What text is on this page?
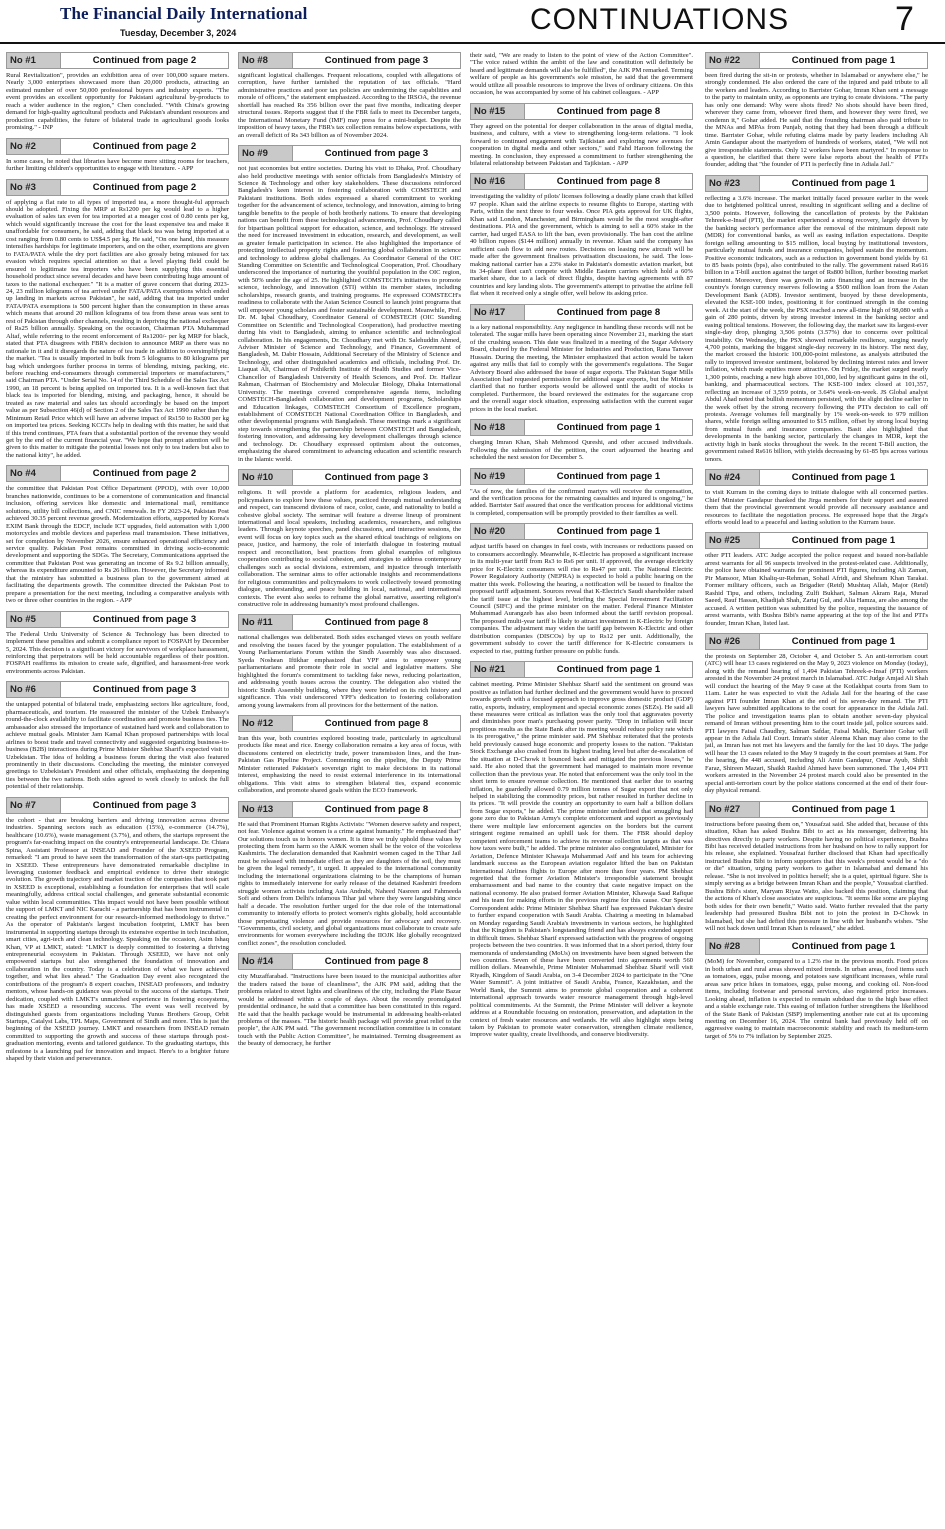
The Financial Daily International
Tuesday, December 3, 2024	CONTINUATIONS	7
No #1	Continued from page 2
Rural Revitalization", provides an exhibition area of over 100,000 square meters. Nearly 3,000 enterprises showcased more than 20,000 products, attracting an estimated number of over 50,000 professional buyers and industry experts. "The event provides an excellent opportunity for Pakistani agricultural by-products to reach a wider audience in the region," Chen concluded. "With China's growing demand for high-quality agricultural products and Pakistan's abundant resources and production capabilities, the future of bilateral trade in agricultural goods looks promising." - INP
No #2	Continued from page 2
In some cases, he noted that libraries have become mere sitting rooms for teachers, further limiting children's opportunities to engage with literature. - APP
No #3	Continued from page 2
of applying a flat rate to all types of imported tea, a more thought-ful approach should be adopted. Fixing the MRP at Rs1200 per kg would lead to a higher evaluation of sales tax even for tea imported at a meager cost of 0.80 cents per kg, which would significantly increase the cost for the least expensive tea and make it unaffordable for consumers, he said, adding that black tea was being imported at a cost ranging from 0.80 cents to US$4.5 per kg. He said, "On one hand, this measure intensifies hardships for legitimate importers, and on the other, exemptions are given to FATA/PATA while the dry port facilities are also grossly being misused for tax evasion which requires special attention so that a level playing field could be ensured to legitimate tea importers who have been supplying this essential household product since several decades and have been contributing huge amount of taxes to the national exchequer." "It is a matter of grave concern that during 2023-24, 23 million kilograms of tea arrived under FATA/PATA exemptions which ended up landing in markets across Pakistan", he said, adding that tea imported under FATA/PATA exemptions is 500 percent higher than the consumption in these areas which means that around 20 million kilograms of tea from these areas was sent to rest of Pakistan through other channels, resulting in depriving the national exchequer of Rs25 billion annually. Speaking on the occasion, Chairman PTA Muhammad Altaf, while referring to the recent enforcement of Rs1200/- per kg MRP for black, stated that PTA disagrees with FBR's decision to announce MRP as there was no rationale in it and it disregards the nature of tea trade in addition to oversimplifying the market. "Tea is usually imported in bulk from 5 kilograms to 80 kilograms per bag which undergoes further process in terms of blending, mixing, packing, etc. before reaching end-consumers through commercial importers or manufacturers," said Chairman PTA. "Under Serial No. 14 of the Third Schedule of the Sales Tax Act 1990, an 18 percent is being applied on imported tea. It is a well-known fact that black tea is imported for blending, mixing, and packaging, hence, it should be treated as raw material and sales tax should accordingly be based on the import value as per Subsection 46(d) of Section 2 of the Sales Tax Act 1990 rather than the Minimum Retail Price which will have an adverse impact of Rs150 to Rs300 per kg on imported tea prices. Seeking KCCI's help in dealing with this matter, he said that if this trend continues, PTA fears that a substantial portion of the revenue they would get by the end of the current financial year. "We hope that prompt attention will be given to this matter to mitigate the potential losses not only to tea traders but also to the national kitty", he added.
No #4	Continued from page 2
the committee that Pakistan Post Office Department (PPOD), with over 10,000 branches nationwide, continues to be a cornerstone of communication and financial inclusion, offering services like domestic and international mail, remittance solutions, utility bill collections, and CNIC renewals. In FY 2023-24, Pakistan Post achieved 30.35 percent revenue growth. Modernization efforts, supported by Korea's EXIM Bank through the EDCF, include ICT upgrades, field automation with 1,000 motorcycles and mobile devices and paperless mail transmission. These initiatives, set for completion by November 2026, ensure enhanced operational efficiency and service quality. Pakistan Post remains committed in driving socio-economic development and supporting the SDGs. The Secretary, Communications apprised the committee that Pakistan Post was generating an income of Rs 9.2 billion annually, whereas its expenditure amounted to Rs 26 billion. However, the Secretary informed that the ministry has submitted a business plan to the government aimed at facilitating the departments growth. The committee directed the Pakistan Post to prepare a presentation for the next meeting, including a comparative analysis with two or three other countries in the region. - APP
No #5	Continued from page 3
The Federal Urdu University of Science & Technology has been directed to implement these penalties and submit a compliance report to FOSPAH by December 5, 2024. This decision is a significant victory for survivors of workplace harassment, reinforcing that perpetrators will be held accountable regardless of their position. FOSPAH reaffirms its mission to create safe, dignified, and harassment-free work environments across Pakistan.
No #6	Continued from page 3
the untapped potential of bilateral trade, emphasizing sectors like agriculture, food, pharmaceuticals, and tourism. He reassured the minister of the Uzbek Embassy's round-the-clock availability to facilitate coordination and promote business ties. The ambassador also stressed the importance of sustained hard work and collaboration to achieve mutual goals. Minister Jam Kamal Khan proposed partnerships with local airlines to boost trade and travel connectivity and suggested organizing business-to-business (B2B) interactions during Prime Minister Shehbaz Sharif's expected visit to Uzbekistan. The idea of holding a business forum during the visit also featured prominently in their discussions. Concluding the meeting, the minister conveyed greetings to Uzbekistan's President and other officials, emphasizing the deepening ties between the two nations. Both sides agreed to work closely to unlock the full potential of their relationship.
No #7	Continued from page 3
the cohort - that are breaking barriers and driving innovation across diverse industries. Spanning sectors such as education (15%), e-commerce (14.7%), healthcare (10.6%), waste management (3.7%), and others, the startups represent the program's far-reaching impact on the country's entrepreneurial landscape. Dr. Chiara Spina, Assistant Professor at INSEAD and Founder of the XSEED Program, remarked: "I am proud to have seen the transformation of the start-ups participating in XSEED. These entrepreneurs have demonstrated remarkable discipline in leveraging customer feedback and empirical evidence to drive their strategic evolution. The growth trajectory and market traction of the companies that took part in XSEED is exceptional, establishing a foundation for enterprises that will scale meaningfully, address critical social challenges, and generate substantial economic value within local communities. This impact would not have been possible without the support of LMKT and NIC Karachi - a partnership that has been instrumental in creating the perfect environment for our research-informed methodology to thrive." As the operator of Pakistan's largest incubation footprint, LMKT has been instrumental in supporting startups through its extensive expertise in tech incubation, smart cities, agri-tech and clean technology. Speaking on the occasion, Asim Ishaq Khan, VP at LMKT, stated: "LMKT is deeply committed to fostering a thriving entrepreneurial ecosystem in Pakistan. Through XSEED, we have not only empowered startups but also strengthened the foundation of innovation and collaboration in the country. Today is a celebration of what we have achieved together, and what lies ahead." The Graduation Day event also recognized the contributions of the program's 8 expert coaches, INSEAD professors, and industry mentors, whose hands-on guidance was pivotal to the success of the startups. Their dedication, coupled with LMKT's unmatched experience in fostering ecosystems, has made XSEED a resounding success. The event was well received by distinguished guests from organizations including Yunus Brothers Group, Orbit Startups, Catalyst Labs, TPL Maps, Government of Sindh and more. This is just the beginning of the XSEED journey. LMKT and researchers from INSEAD remain committed to supporting the growth and success of these startups through post-graduation mentoring, events and tailored guidance. To the graduating startups, this milestone is a launching pad for innovation and impact. Here's to a brighter future shaped by their vision and perseverance.
No #8	Continued from page 3
significant logistical challenges. Frequent relocations, coupled with allegations of corruption, have further tarnished the reputation of tax officials. "Hard administrative practices and poor tax policies are undermining the capabilities and morale of officers," the statement emphasized. According to the IRSOA, the revenue shortfall has reached Rs 356 billion over the past five months, indicating deeper structural issues. Reports suggest that if the FBR fails to meet its December targets, the International Monetary Fund (IMF) may press for a mini-budget. Despite the imposition of heavy taxes, the FBR's tax collection remains below expectations, with an overall deficit of Rs 343 billion as of November 2024.
No #9	Continued from page 3
not just economies but entire societies. During his visit to Dhaka, Prof. Choudhary also held productive meetings with senior officials from Bangladesh's Ministry of Science & Technology and other key stakeholders. These discussions reinforced Bangladesh's keen interest in fostering collaboration with COMSTECH and Pakistani institutions. Both sides expressed a shared commitment to working together for the advancement of science, technology, and innovation, aiming to bring tangible benefits to the people of both brotherly nations. To ensure that developing nations can benefit from these technological advancements, Prof. Choudhary called for bipartisan political support for education, science, and technology. He stressed the need for increased investment in education, research, and development, as well as greater female participation in science. He also highlighted the importance of protecting intellectual property rights and fostering global collaboration in science and technology to address global challenges. As Coordinator General of the OIC Standing Committee on Scientific and Technological Cooperation, Prof. Choudhary underscored the importance of nurturing the youthful population in the OIC region, with 50% under the age of 25. He highlighted COMSTECH's initiatives to promote science, technology, and innovation (STI) within its member states, including scholarships, research grants, and training programs. He expressed COMSTECH's readiness to collaborate with the Asian Science Council to launch joint programs that will empower young scholars and foster sustainable development. Meanwhile, Prof. Dr. M. Iqbal Choudhary, Coordinator General of COMSTECH (OIC Standing Committee on Scientific and Technological Cooperation), had productive meeting during his visit to Bangladesh, aiming to enhance scientific and technological collaboration. In his engagements, Dr. Choudhary met with Dr. Salehuddin Ahmed, Adviser Minister of Science and Technology, and Finance, Government of Bangladesh, M. Dabir Hossain, Additional Secretary of the Ministry of Science and Technology, and other distinguished academics and officials, including Prof. Dr. Liaquat Ali, Chairman of Pothikrith Institute of Health Studies and former Vice-Chancellor of Bangladesh University of Health Sciences, and Prof. Dr. Haflzur Rahman, Chairman of Biochemistry and Molecular Biology, Dhaka International University. The meetings covered comprehensive agenda items, including COMSTECH-Bangladesh collaboration and development programs, Scholarships and Education linkages, COMSTECH Consortium of Excellence program, establishment of COMSTECH National Coordination Office in Bangladesh, and other developmental programs with Bangladesh. These meetings mark a significant step towards strengthening the partnership between COMSTECH and Bangladesh, fostering innovation, and addressing key development challenges through science and technology. Dr. Choudhary expressed optimism about the outcomes, emphasizing the shared commitment to advancing education and scientific research in the Islamic world.
No #10	Continued from page 3
religions. It will provide a platform for academics, religious leaders, and policymakers to explore how these values, practiced through mutual understanding and respect, can transcend divisions of race, color, caste, and nationality to build a cohesive global society. The seminar will feature a diverse lineup of prominent international and local speakers, including academics, researchers, and religious leaders. Through keynote speeches, panel discussions, and interactive sessions, the event will focus on key topics such as the shared ethical teachings of religions on peace, justice, and harmony, the role of interfaith dialogue in fostering mutual respect and reconciliation, best practices from global examples of religious cooperation contributing to social cohesion, and strategies to address contemporary challenges such as social divisions, extremism, and injustice through interfaith collaboration. The seminar aims to offer actionable insights and recommendations for religious communities and policymakers to work collectively toward promoting dialogue, understanding, and peace building in local, national, and international contexts. The event also seeks to reframe the global narrative, asserting religion's constructive role in addressing humanity's most profound challenges.
No #11	Continued from page 8
national challenges was deliberated. Both sides exchanged views on youth welfare and resolving the issues faced by the younger population. The establishment of a Young Parliamentarians Forum within the Sindh Assembly was also discussed. Syeda Noshean Iftikhar emphasized that YPF aims to empower young parliamentarians and promote their role in social and legislative matters. She highlighted the forum's commitment to tackling fake news, reducing polarization, and addressing youth issues across the country. The delegation also visited the historic Sindh Assembly building, where they were briefed on its rich history and significance. This visit underscored YPF's dedication to fostering collaboration among young lawmakers from all provinces for the betterment of the nation.
No #12	Continued from page 8
Iran this year, both countries explored boosting trade, particularly in agricultural products like meat and rice. Energy collaboration remains a key area of focus, with discussions centered on electricity trade, power transmission lines, and the Iran-Pakistan Gas Pipeline Project. Commenting on the pipeline, the Deputy Prime Minister reiterated Pakistan's sovereign right to make decisions in its national interest, emphasizing the need to resist external interference in its international obligations. This visit aims to strengthen bilateral ties, expand economic collaboration, and promote shared goals within the ECO framework.
No #13	Continued from page 8
He said that Prominent Human Rights Activists: "Women deserve safety and respect, not fear. Violence against women is a crime against humanity." He emphasized that" Our solutions touch us to honors women. It is time we truly uphold these values by protecting them from harm so the AJ&K women shall be the voice of the voiceless Kashmiris. The declaration demanded that Kashmiri women caged in the Tihar Jail must be released with immediate effect as they are daughters of the soil, they must be given the legal remedy", it urged. It appealed to the international community including the international organizations claiming to be the champions of human rights to immediately intervene for early release of the detained Kashmiri freedom struggle women activists including Asia Andrabi, Naheed Nasreen and Fahmeeda Sofi and others from Delhi's infamous Tihar jail where they were languishing since half a decade. The resolution further urged for the due role of the international community to intensify efforts to protect women's rights globally, hold accountable those perpetuating violence and provide resources for advocacy and recovery. "Governments, civil society, and global organizations must collaborate to create safe environments for women everywhere including the IIOJK like globally recognized conflict zones", the resolution concluded.
No #14	Continued from page 8
city Muzaffarabad. "Instructions have been issued to the municipal authorities after the traders raised the issue of cleanliness", the AJK PM said, adding that the problems related to street lights and cleanliness of the city, including the Plate Bazar would be addressed within a couple of days. About the recently promulgated presidential ordinance, he said that a committee has been constituted in this regard. He said that the health package would be instrumental in addressing health-related problems of the masses. "The historic health package will provide great relief to the people", the AJK PM said. "The government reconciliation committee is in constant touch with the Public Action Committee", he maintained. Terming disagreement as the beauty of democracy, he further
their said, "We are ready to listen to the point of view of the Action Committee". "The voice raised within the ambit of the law and constitution will definitely be heard and legitimate demands will also be fulfilled", the AJK PM remarked. Terming welfare of people as his government's sole mission, he said that the government would utilize all possible resources to improve the lives of ordinary citizens. On this occasion, he was accompanied by some of his cabinet colleagues. - APP
No #15	Continued from page 8
They agreed on the potential for deeper collaboration in the areas of digital media, business, and culture, with a view to strengthening long-term relations. "I look forward to continued engagement with Tajikistan and exploring new avenues for cooperation in digital media and other sectors," said Fahd Haroon following the meeting. In conclusion, they expressed a commitment to further strengthening the bilateral relationship between Pakistan and Tajikistan. - APP
No #16	Continued from page 8
investigating the validity of pilots' licenses following a deadly plane crash that killed 97 people. Khan said the airline expects to resume flights to Europe, starting with Paris, within the next three to four weeks. Once PIA gets approval for UK flights, Khan said London, Manchester, and Birmingham would be the most sought-after destinations. PIA and the government, which is aiming to sell a 60% stake in the carrier, had urged EASA to lift the ban, even provisionally. The ban cost the airline 40 billion rupees ($144 million) annually in revenue. Khan said the company has sufficient cash flow to add new routes. Decisions on leasing new aircraft will be made after the government finalises privatisation discussions, he said. The loss-making national carrier has a 23% stake in Pakistan's domestic aviation market, but its 34-plane fleet can't compete with Middle Eastern carriers which hold a 60% market share, due to a lack of direct flights, despite having agreements with 87 countries and key landing slots. The government's attempt to privatise the airline fell flat when it received only a single offer, well below its asking price.
No #17	Continued from page 8
is a key national responsibility. Any negligence in handling these records will not be tolerated. The sugar mills have been operating since November 21, marking the start of the crushing season. This date was finalized in a meeting of the Sugar Advisory Board, chaired by the Federal Minister for Industries and Production, Rana Tanveer Hussain. During the meeting, the Minister emphasized that action would be taken against any mills that fail to comply with the government's regulations. The Sugar Advisory Board also addressed the issue of sugar exports. The Pakistan Sugar Mills Association had requested permission for additional sugar exports, but the Minister clarified that no further exports would be allowed until the audit of stocks is completed. Furthermore, the board reviewed the estimates for the sugarcane crop and the overall sugar stock situation, expressing satisfaction with the current sugar prices in the local market.
No #18	Continued from page 1
charging Imran Khan, Shah Mehmood Qureshi, and other accused individuals. Following the submission of the petition, the court adjourned the hearing and scheduled the next session for December 5.
No #19	Continued from page 1
"As of now, the families of the confirmed martyrs will receive the compensation, and the verification process for the remaining casualties and injured is ongoing," he added. Barrister Saif assured that once the verification process for additional victims is completed, compensation will be promptly provided to their families as well.
No #20	Continued from page 1
adjust tariffs based on changes in fuel costs, with increases or reductions passed on to consumers accordingly. Meanwhile, K-Electric has proposed a significant increase in its multi-year tariff from Rs3 to Rs6 per unit. If approved, the average electricity price for K-Electric consumers will rise to Rs47 per unit. The National Electric Power Regulatory Authority (NEPRA) is expected to hold a public hearing on the matter this week. Following the hearing, a notification will be issued to finalize the proposed tariff adjustment. Sources reveal that K-Electric's Saudi shareholder raised the tariff issue at the highest level, briefing the Special Investment Facilitation Council (SIFC) and the prime minister on the matter. Federal Finance Minister Muhammad Aurangzeb has also been informed about the tariff revision proposal. The proposed multi-year tariff is likely to attract investment in K-Electric by foreign companies. The adjustment may widen the tariff gap between K-Electric and other distribution companies (DISCOs) by up to Rs12 per unit. Additionally, the government subsidy to cover the tariff difference for K-Electric consumers is expected to rise, putting further pressure on public funds.
No #21	Continued from page 1
cabinet meeting. Prime Minister Shehbaz Sharif said the sentiment on ground was positive as inflation had further declined and the government would have to proceed towards growth with a focused approach to improve gross domestic product (GDP) ratio, exports, industry, employment and special economic zones (SEZs). He said all these measures were critical as inflation was the only tool that aggravates poverty and diminishes poor man's purchasing power parity. "Drop in inflation will incur propitious results as the State Bank after its meeting would reduce policy rate which is its prerogative," the prime minister said. PM Shehbaz reiterated that the protests held previously caused huge economic and property losses to the nation. "Pakistan Stock Exchange also crashed from its highest trading level but after de-escalation of the situation at D-Chowk it bounced back and mitigated the previous losses," he said. He also noted that the government had managed to maintain more revenue collection than the previous year. He noted that enforcement was the only tool in the short term to ensure revenue collection. He mentioned that earlier due to soaring inflation, he guardedly allowed 0.79 million tonnes of Sugar export that not only helped in stabilizing the commodity prices, but rather resulted in further decline in its prices. "It will provide the country an opportunity to earn half a billion dollars from Sugar exports," he added. The prime minister underlined that smuggling had gone zero due to Pakistan Army's complete enforcement and support as previously there were multiple law enforcement agencies on the borders but the current stringent regime remained an uphill task for them. The FBR should deploy competent enforcement teams to achieve its revenue collection targets as that was how taxes were built," he added. The prime minister also congratulated, Minister for Aviation, Defence Minister Khawaja Muhammad Asif and his team for achieving landmark success as the European aviation regulator lifted the ban on Pakistan International Airlines flights to Europe after more than four years. PM Shehbaz regretted that the former Aviation Minister's irresponsible statement brought embarrassment and bad name to the country that caste negative impact on the national economy. He also praised former Aviation Minister, Khawaja Saad Rafique and his team for making efforts in the previous regime for this cause. Our Special Correspondent adds: Prime Minister Shehbaz Sharif has expressed Pakistan's desire to further expand cooperation with Saudi Arabia. Chairing a meeting in Islamabad on Monday regarding Saudi Arabia's investments in various sectors, he highlighted that the Kingdom is Pakistan's longstanding friend and has always extended support in difficult times. Shehbaz Sharif expressed satisfaction with the progress of ongoing projects between the two countries. It was informed that in a short period, thirty four memoranda of understanding (MoUs) on investments have been signed between the two countries. Seven of these have been converted into agreements worth 560 million dollars. Meanwhile, Prime Minister Muhammad Shehbaz Sharif will visit Riyadh, Kingdom of Saudi Arabia, on 3-4 December 2024 to participate in the "One Water Summit". A joint initiative of Saudi Arabia, France, Kazakhstan, and the World Bank, the Summit aims to promote global cooperation and a coherent international approach towards water resource management through high-level political commitments. At the Summit, the Prime Minister will deliver a keynote address at a Roundtable focusing on restoration, preservation, and adaptation in the context of fresh water resources and wetlands. He will also highlight steps being taken by Pakistan to promote water conservation, strengthen climate resilience, improve water quality, create livelihoods, and conserve biodiversity.
No #22	Continued from page 1
been fired during the sit-in or protests, whether in Islamabad or anywhere else," he strongly condemned. He also ordered the care of the injured and paid tribute to all the workers and leaders. According to Barrister Gohar, Imran Khan sent a message to the party to maintain unity, as opponents are trying to create divisions. "The party has only one demand: Why were shots fired? No shots should have been fired, wherever they came from, whoever fired them, and however they were fired, we condemn it," Gohar added. He said that the founding chairman also paid tribute to the MNAs and MPAs from Punjab, noting that they had been through a difficult time. Barrister Gohar, while refuting claims made by party leaders including Ali Amin Gandapur about the martyrdom of hundreds of workers, stated, "We will not give irresponsible statements. Only 12 workers have been martyred." In response to a question, he clarified that there were false reports about the health of PTI's founder, adding that "the founder of PTI is perfectly fine in Adiala Jail."
No #23	Continued from page 1
reflecting a 3.6% increase. The market initially faced pressure earlier in the week due to heightened political unrest, resulting in significant selling and a decline of 3,500 points. However, following the cancellation of protests by the Pakistan Tehreek-e-Insaf (PTI), the market experienced a strong recovery, largely driven by the banking sector's performance after the removal of the minimum deposit rate (MDR) for conventional banks, as well as easing inflation expectations. Despite foreign selling amounting to $15 million, local buying by institutional investors, particularly mutual funds and insurance companies, helped sustain the momentum. Positive economic indicators, such as a reduction in government bond yields by 61 to 85 basis points (bps), also contributed to the rally. The government raised Rs616 billion in a T-bill auction against the target of Rs800 billion, further boosting market sentiment. Moreover, there was growth in auto financing and an increase in the country's foreign currency reserves following a $500 million loan from the Asian Development Bank (ADB). Investor sentiment, buoyed by these developments, elevated the KSE-100 index, positioning it for continued strength in the coming week. At the start of the week, the PSX reached a new all-time high of 98,080 with a gain of 280 points, driven by strong investor interest in the banking sector and easing political tensions. However, the following day, the market saw its largest-ever single-day drop, plunging 3,506 points (3.57%) due to concerns over political instability. On Wednesday, the PSX showed remarkable resilience, surging nearly 4,700 points, marking the biggest single-day recovery in its history. The next day, the market crossed the historic 100,000-point milestone, as analysts attributed the rally to improved investor sentiment, bolstered by declining interest rates and lower inflation, which made equities more attractive. On Friday, the market surged nearly 1,300 points, reaching a new high above 101,000, led by significant gains in the oil, banking, and pharmaceutical sectors. The KSE-100 index closed at 101,357, reflecting an increase of 3,559 points, or 3.64% week-on-week. JS Global analyst Abdul Ahad noted that bullish momentum persisted, with the slight decline earlier in the week offset by the strong recovery following the PTI's decision to call off protests. Average volumes fell marginally by 1% week-on-week to 979 million shares, while foreign selling amounted to $15 million, offset by strong local buying from mutual funds and insurance companies. Basit also highlighted that developments in the banking sector, particularly the changes in MDR, kept the activity high in bank stocks throughout the week. In the recent T-Bill auction, the government raised Rs616 billion, with yields decreasing by 61-85 bps across various tenors.
No #24	Continued from page 1
to visit Kurram in the coming days to initiate dialogue with all concerned parties. Chief Minister Gandapur thanked the Jirga members for their support and assured them that the provincial government would provide all necessary assistance and resources to facilitate the negotiation process. He expressed hope that the Jirga's efforts would lead to a peaceful and lasting solution to the Kurram issue.
No #25	Continued from page 1
other PTI leaders. ATC Judge accepted the police request and issued non-bailable arrest warrants for all 96 suspects involved in the protest-related case. Additionally, the police have obtained warrants for prominent PTI figures, including Ali Zaman, Pir Mansoor, Mian Khaliq-ur-Rehman, Sohail Afridi, and Shehram Khan Tarakai. Former military officers, such as Brigadier (Retd) Mushtaq Allah, Major (Retd) Rashid Tipu, and others, including Zulfi Bukhari, Salman Akram Raja, Murad Saeed, Rauf Hassan, Khadijah Shah, Zartaj Gul, and Alia Hamza, are also among the accused. A written petition was submitted by the police, requesting the issuance of arrest warrants, with Bushra Bibi's name appearing at the top of the list and PTI's founder, Imran Khan, listed last.
No #26	Continued from page 1
the protests on September 28, October 4, and October 5. An anti-terrorism court (ATC) will hear 13 cases registered on the May 9, 2023 violence on Monday (today), along with the remand hearing of 1,494 Pakistan Tehreek-e-Insaf (PTI) workers arrested in the November 24 protest march in Islamabad. ATC Judge Amjad Ali Shah will conduct the hearing of the May 9 case at the Kotlakhpat courts from 9am to 11am. Later he was expected to visit the Adiala Jail for the hearing of the case against PTI founder Imran Khan at the end of his seven-day remand. The PTI lawyers have submitted applications to the court for appearance in the Adiala Jail. The police and investigation teams plan to obtain another seven-day physical remand of Imran without presenting him to the court inside jail, police sources said. PTI lawyers Faisal Chaudhry, Salman Safdar, Faisal Malik, Barrister Gohar will appear in the Adiala Jail Court. Imran's sister Aleema Khan may also come to the jail, as Imran has not met his lawyers and the family for the last 10 days. The judge will hear the 13 cases related to the May 9 tragedy in the court premises at 9am. For the hearing, the 448 accused, including Ali Amin Gandapur, Omar Ayub, Shibli Faraz, Shireen Mazari, Shaikh Rashid Ahmed have been summoned. The 1,494 PTI workers arrested in the November 24 protest march could also be presented in the special anti-terrorism court by the police stations concerned at the end of their four-day physical remand.
No #27	Continued from page 1
instructions before passing them on," Yousafzai said. She added that, because of this situation, Khan has asked Bushra Bibi to act as his messenger, delivering his directives directly to party workers. Despite having no political experience, Bushra Bibi has received detailed instructions from her husband on how to rally support for his release, she explained. Yousafzai further disclosed that Khan had specifically instructed Bushra Bibi to inform supporters that this week's protest would be a "do or die" situation, urging party workers to gather in Islamabad and demand his release. "She is not involved in politics herself; she is a quiet, spiritual figure. She is simply serving as a bridge between Imran Khan and the people," Yousafzai clarified. Bushra Bibi's sister, Maryam Riyaz Watto, also backed this position, claiming that the actions of Khan's close associates are suspicious. "It seems like some are playing both sides for their own benefit," Watto said. Watto further revealed that the party leadership had pressured Bushra Bibi not to join the protest in D-Chowk in Islamabad, but she had defied this pressure in line with her husband's wishes. "She will not back down until Imran Khan is released," she added.
No #28	Continued from page 1
(MoM) for November, compared to a 1.2% rise in the previous month. Food prices in both urban and rural areas showed mixed trends. In urban areas, food items such as tomatoes, eggs, pulse moong, and potatoes saw significant increases, while rural areas saw price hikes in tomatoes, eggs, pulse moong, and cooking oil. Non-food items, including footwear and personal services, also registered price increases. Looking ahead, inflation is expected to remain subdued due to the high base effect and a stable exchange rate. This easing of inflation further strengthens the likelihood of the State Bank of Pakistan (SBP) implementing another rate cut at its upcoming meeting on December 16, 2024. The central bank had previously held off on aggressive easing to maintain macroeconomic stability and reach its medium-term target of 5% to 7% inflation by September 2025.
